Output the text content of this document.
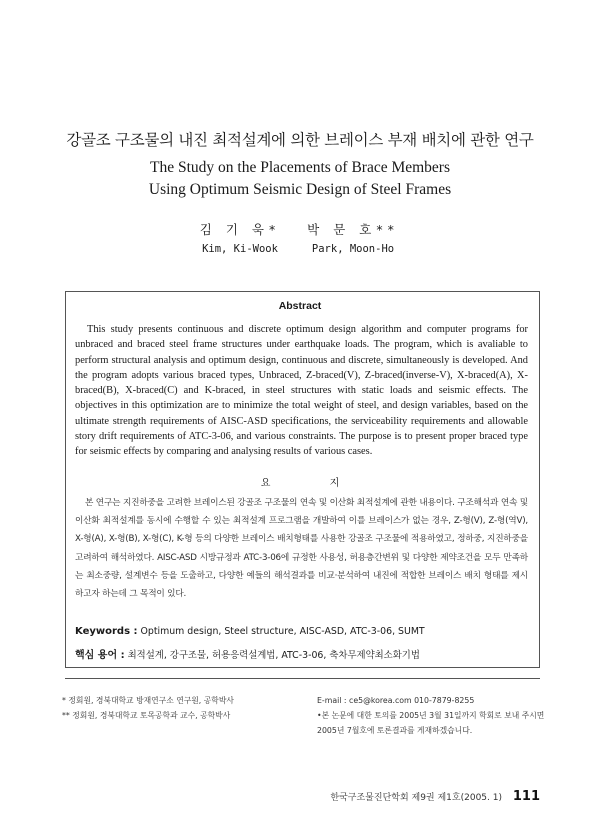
강골조 구조물의 내진 최적설계에 의한 브레이스 부재 배치에 관한 연구
The Study on the Placements of Brace Members
Using Optimum Seismic Design of Steel Frames
김 기 욱*
Kim, Ki-Wook
박 문 호**
Park, Moon-Ho
Abstract
This study presents continuous and discrete optimum design algorithm and computer programs for unbraced and braced steel frame structures under earthquake loads. The program, which is avaliable to perform structural analysis and optimum design, continuous and discrete, simultaneously is developed. And the program adopts various braced types, Unbraced, Z-braced(V), Z-braced(inverse-V), X-braced(A), X-braced(B), X-braced(C) and K-braced, in steel structures with static loads and seismic effects. The objectives in this optimization are to minimize the total weight of steel, and design variables, based on the ultimate strength requirements of AISC-ASD specifications, the serviceability requirements and allowable story drift requirements of ATC-3-06, and various constraints. The purpose is to present proper braced type for seismic effects by comparing and analysing results of various cases.
요 지
본 연구는 지진하중을 고려한 브레이스된 강골조 구조물의 연속 및 이산화 최적설계에 관한 내용이다. 구조해석과 연속 및 이산화 최적설계를 동시에 수행할 수 있는 최적설계 프로그램을 개발하여 이를 브레이스가 없는 경우, Z-형(V), Z-형(역V), X-형(A), X-형(B), X-형(C), K-형 등의 다양한 브레이스 배치형태를 사용한 강골조 구조물에 적용하였고, 정하중, 지진하중을 고려하여 해석하였다. AISC-ASD 시방규정과 ATC-3-06에 규정한 사용성, 허용층간변위 및 다양한 제약조건을 모두 만족하는 최소중량, 설계변수 등을 도출하고, 다양한 예들의 해석결과를 비교·분석하여 내진에 적합한 브레이스 배치 형태를 제시하고자 하는데 그 목적이 있다.
Keywords : Optimum design, Steel structure, AISC-ASD, ATC-3-06, SUMT
핵심 용어 : 최적설계, 강구조물, 허용응력설계법, ATC-3-06, 축차무제약최소화기법
* 정회원, 경북대학교 방재연구소 연구원, 공학박사
** 정회원, 경북대학교 토목공학과 교수, 공학박사
E-mail : ce5@korea.com 010-7879-8255
•본 논문에 대한 토의를 2005년 3월 31일까지 학회로 보내 주시면 2005년 7월호에 토론결과를 게재하겠습니다.
한국구조물진단학회 제9권 제1호(2005. 1) 111
